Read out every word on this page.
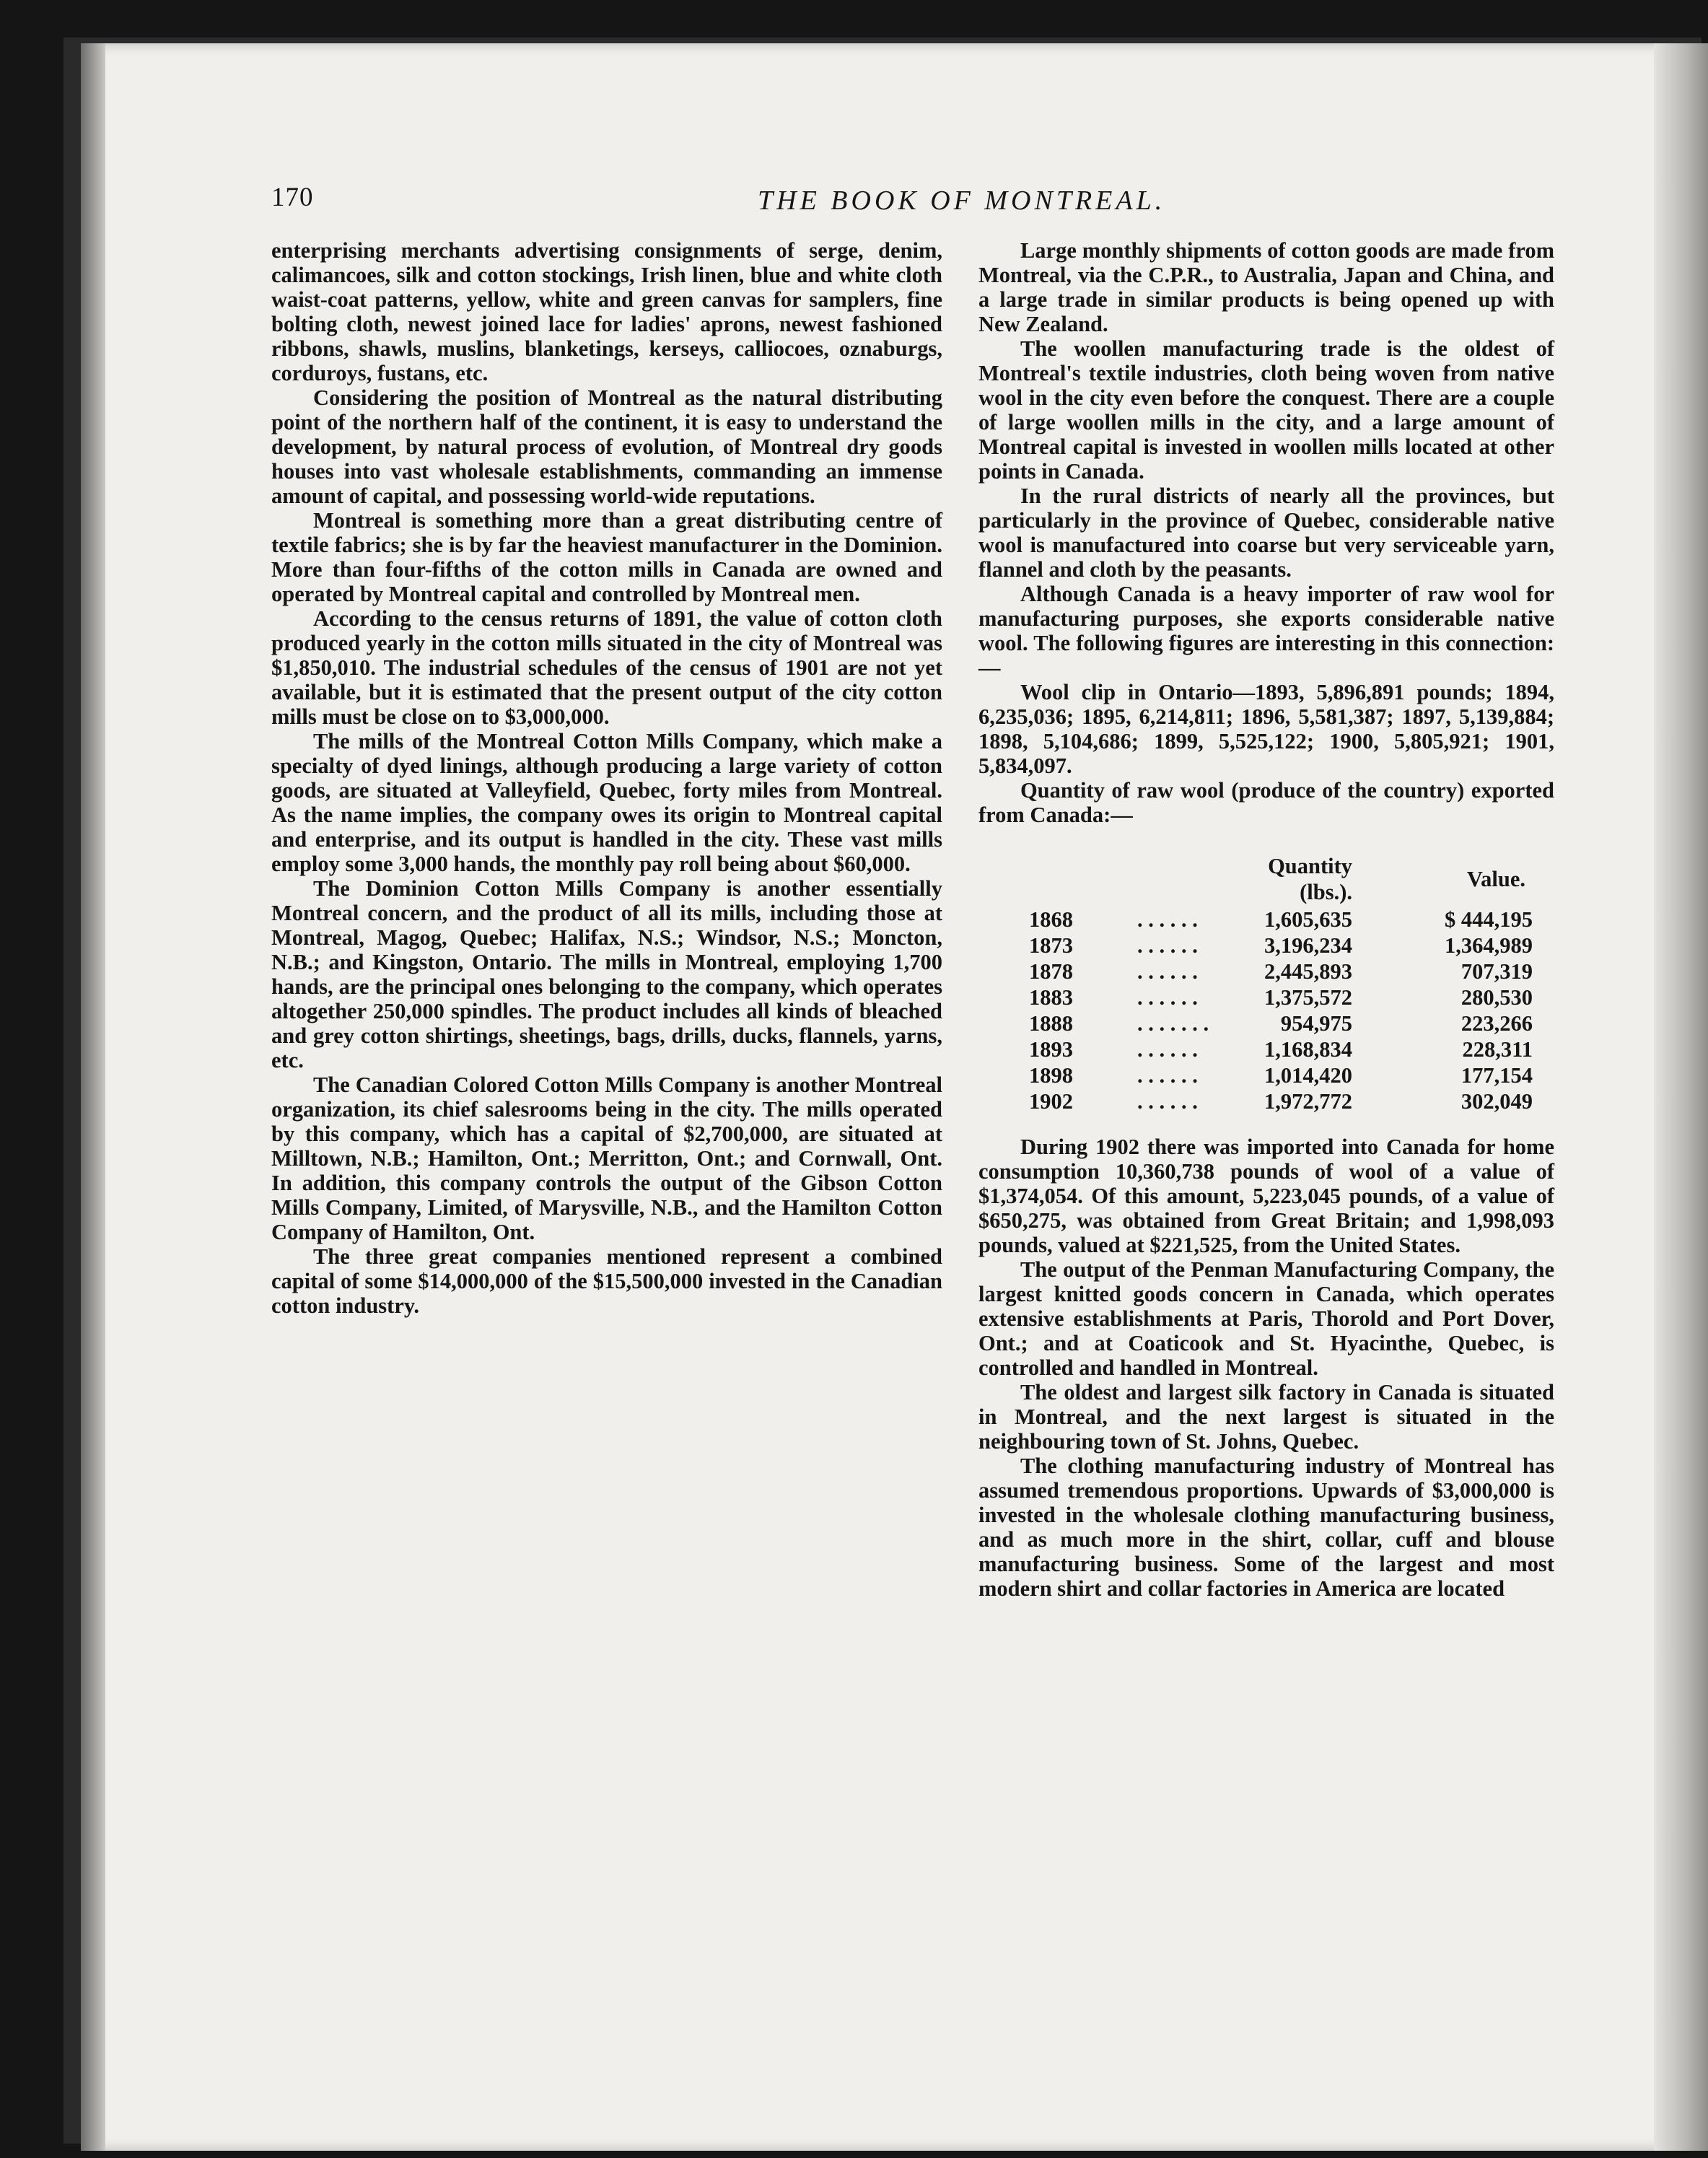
170	THE BOOK OF MONTREAL.

enterprising merchants advertising consignments of serge, denim, calimancoes, silk and cotton stockings, Irish linen, blue and white cloth waist-coat patterns, yellow, white and green canvas for samplers, fine bolting cloth, newest joined lace for ladies' aprons, newest fashioned ribbons, shawls, muslins, blanketings, kerseys, calliocoes, oznaburgs, corduroys, fustans, etc.

Considering the position of Montreal as the natural distributing point of the northern half of the continent, it is easy to understand the development, by natural process of evolution, of Montreal dry goods houses into vast wholesale establishments, commanding an immense amount of capital, and possessing world-wide reputations.

Montreal is something more than a great distributing centre of textile fabrics; she is by far the heaviest manufacturer in the Dominion. More than four-fifths of the cotton mills in Canada are owned and operated by Montreal capital and controlled by Montreal men.

According to the census returns of 1891, the value of cotton cloth produced yearly in the cotton mills situated in the city of Montreal was $1,850,010. The industrial schedules of the census of 1901 are not yet available, but it is estimated that the present output of the city cotton mills must be close on to $3,000,000.

The mills of the Montreal Cotton Mills Company, which make a specialty of dyed linings, although producing a large variety of cotton goods, are situated at Valleyfield, Quebec, forty miles from Montreal. As the name implies, the company owes its origin to Montreal capital and enterprise, and its output is handled in the city. These vast mills employ some 3,000 hands, the monthly pay roll being about $60,000.

The Dominion Cotton Mills Company is another essentially Montreal concern, and the product of all its mills, including those at Montreal, Magog, Quebec; Halifax, N.S.; Windsor, N.S.; Moncton, N.B.; and Kingston, Ontario. The mills in Montreal, employing 1,700 hands, are the principal ones belonging to the company, which operates altogether 250,000 spindles. The product includes all kinds of bleached and grey cotton shirtings, sheetings, bags, drills, ducks, flannels, yarns, etc.

The Canadian Colored Cotton Mills Company is another Montreal organization, its chief salesrooms being in the city. The mills operated by this company, which has a capital of $2,700,000, are situated at Milltown, N.B.; Hamilton, Ont.; Merritton, Ont.; and Cornwall, Ont. In addition, this company controls the output of the Gibson Cotton Mills Company, Limited, of Marysville, N.B., and the Hamilton Cotton Company of Hamilton, Ont.

The three great companies mentioned represent a combined capital of some $14,000,000 of the $15,500,000 invested in the Canadian cotton industry.

Large monthly shipments of cotton goods are made from Montreal, via the C.P.R., to Australia, Japan and China, and a large trade in similar products is being opened up with New Zealand.

The woollen manufacturing trade is the oldest of Montreal's textile industries, cloth being woven from native wool in the city even before the conquest. There are a couple of large woollen mills in the city, and a large amount of Montreal capital is invested in woollen mills located at other points in Canada.

In the rural districts of nearly all the provinces, but particularly in the province of Quebec, considerable native wool is manufactured into coarse but very serviceable yarn, flannel and cloth by the peasants.

Although Canada is a heavy importer of raw wool for manufacturing purposes, she exports considerable native wool. The following figures are interesting in this connection:—

Wool clip in Ontario—1893, 5,896,891 pounds; 1894, 6,235,036; 1895, 6,214,811; 1896, 5,581,387; 1897, 5,139,884; 1898, 5,104,686; 1899, 5,525,122; 1900, 5,805,921; 1901, 5,834,097.

Quantity of raw wool (produce of the country) exported from Canada:—

		Quantity (lbs.).	Value.
1868	. . . . . .	1,605,635	$ 444,195
1873	. . . . . .	3,196,234	1,364,989
1878	. . . . . .	2,445,893	707,319
1883	. . . . . .	1,375,572	280,530
1888	. . . . . . .	954,975	223,266
1893	. . . . . .	1,168,834	228,311
1898	. . . . . .	1,014,420	177,154
1902	. . . . . .	1,972,772	302,049

During 1902 there was imported into Canada for home consumption 10,360,738 pounds of wool of a value of $1,374,054. Of this amount, 5,223,045 pounds, of a value of $650,275, was obtained from Great Britain; and 1,998,093 pounds, valued at $221,525, from the United States.

The output of the Penman Manufacturing Company, the largest knitted goods concern in Canada, which operates extensive establishments at Paris, Thorold and Port Dover, Ont.; and at Coaticook and St. Hyacinthe, Quebec, is controlled and handled in Montreal.

The oldest and largest silk factory in Canada is situated in Montreal, and the next largest is situated in the neighbouring town of St. Johns, Quebec.

The clothing manufacturing industry of Montreal has assumed tremendous proportions. Upwards of $3,000,000 is invested in the wholesale clothing manufacturing business, and as much more in the shirt, collar, cuff and blouse manufacturing business. Some of the largest and most modern shirt and collar factories in America are located
